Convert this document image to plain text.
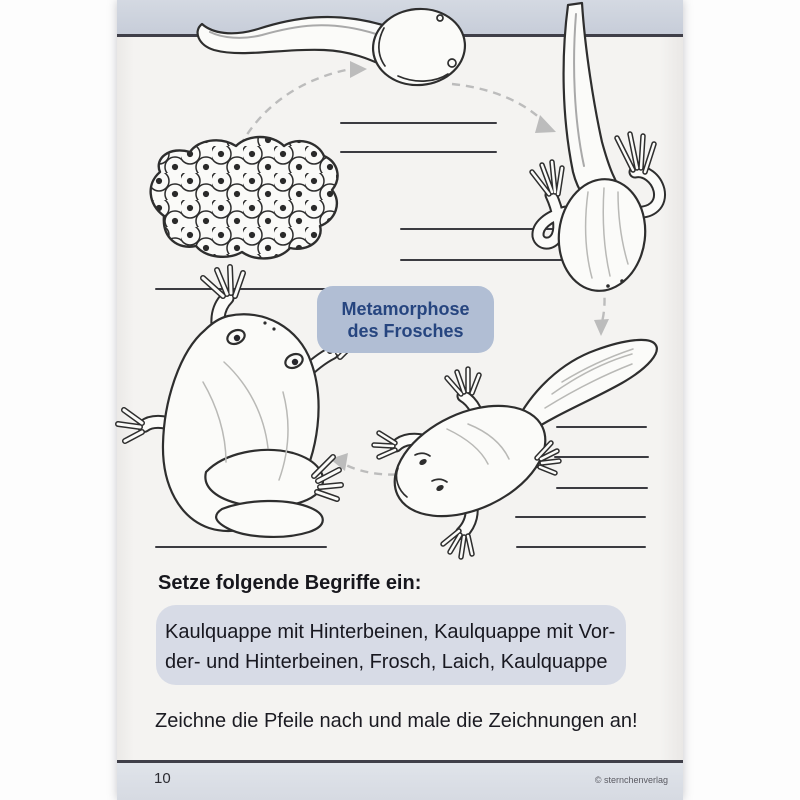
10	© sternchenverlag
Metamorphose
des Frosches
Setze folgende Begriffe ein:
Kaulquappe mit Hinterbeinen, Kaulquappe mit Vor-
der- und Hinterbeinen, Frosch, Laich, Kaulquappe
Zeichne die Pfeile nach und male die Zeichnungen an!
